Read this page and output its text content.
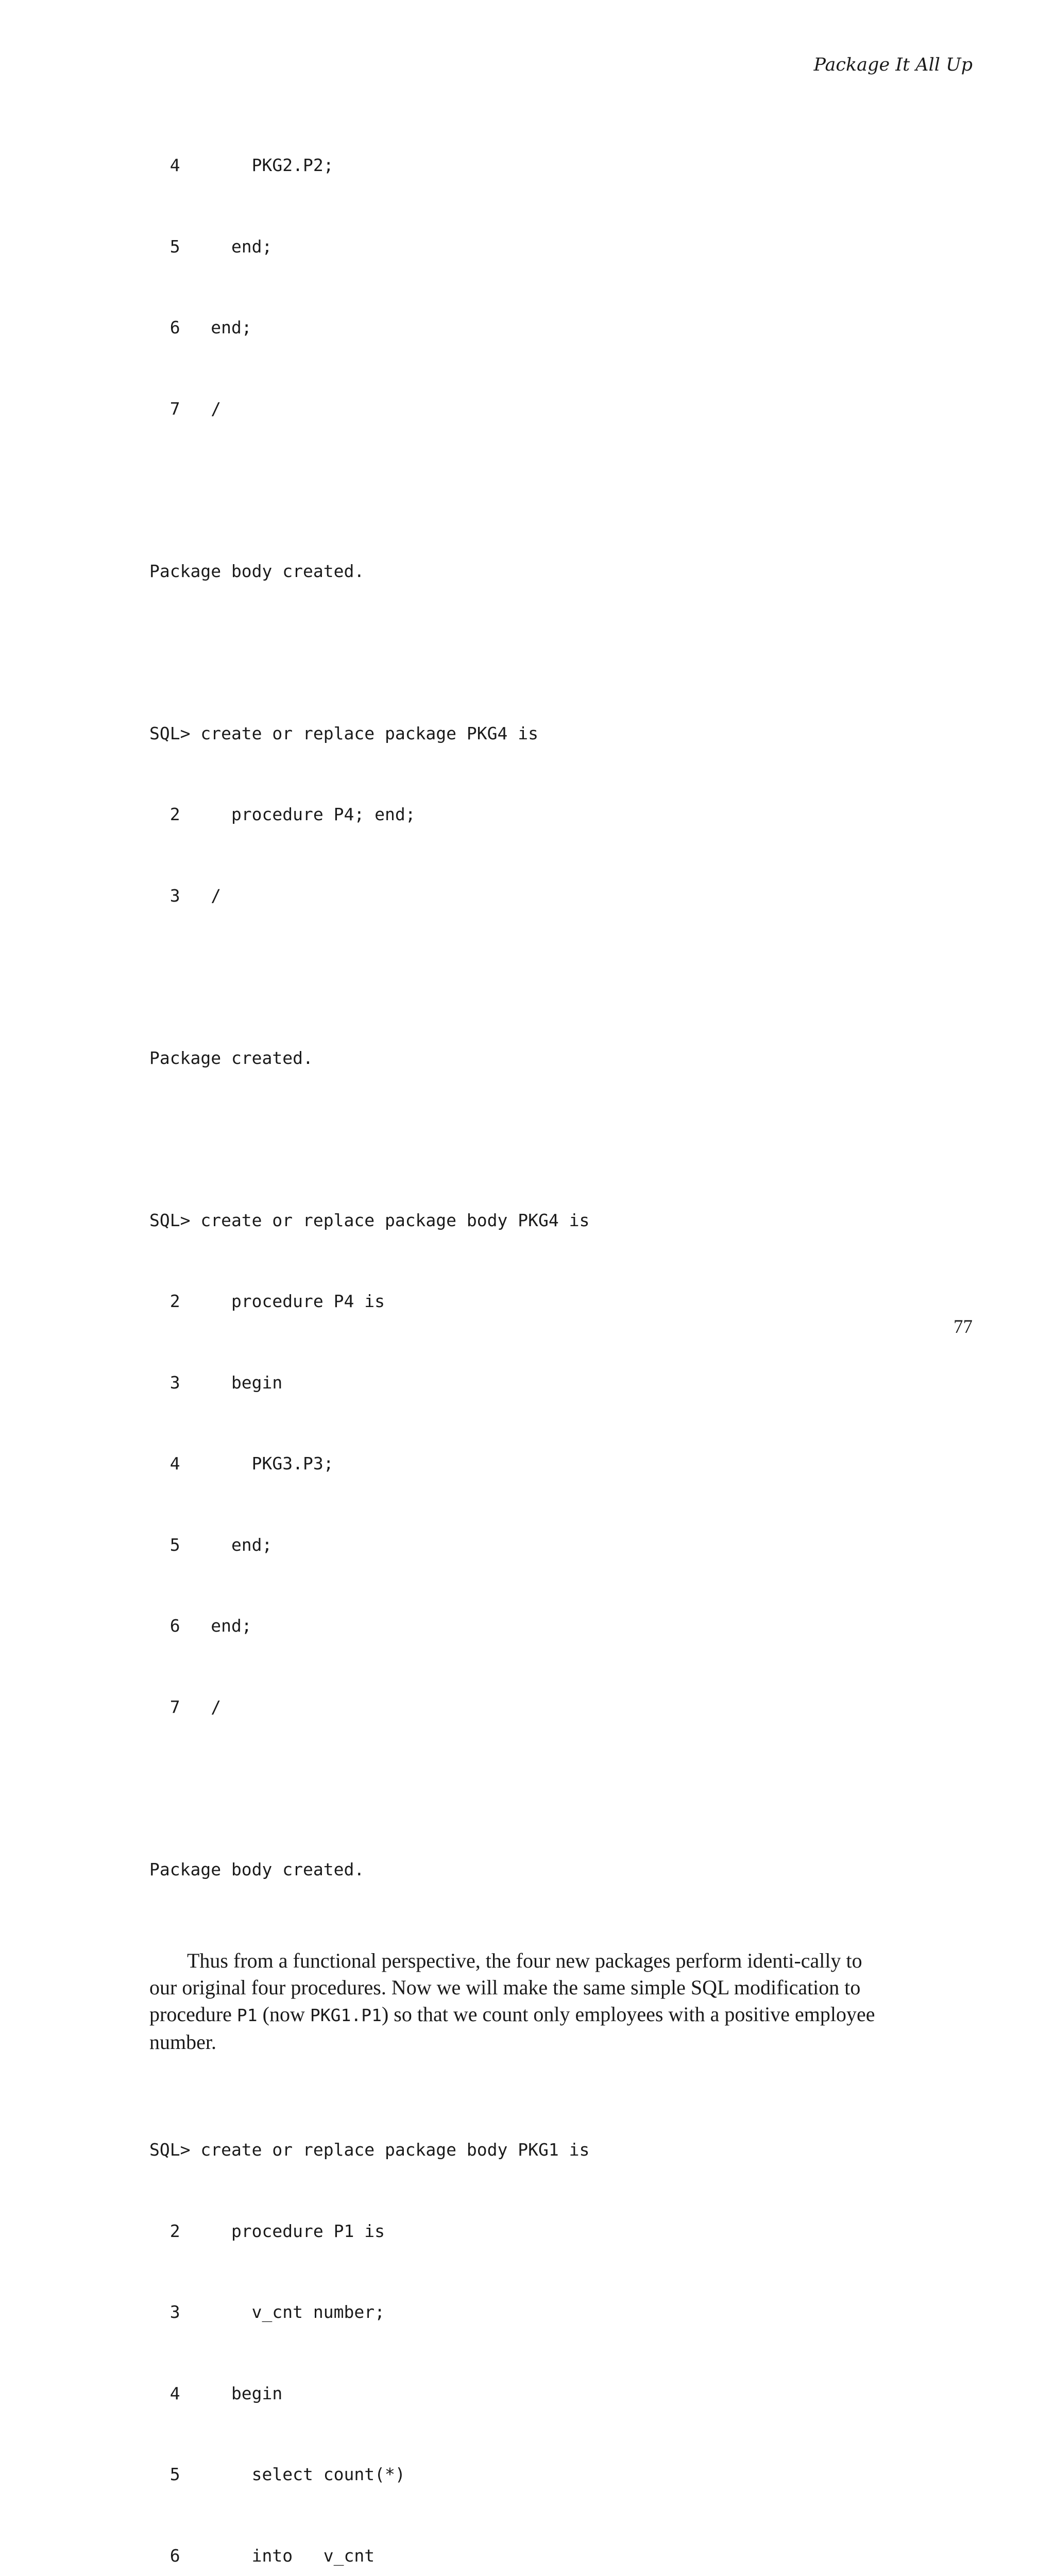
Package It All Up

4       PKG2.P2;

5     end;

6   end;

7   /

Package body created.

SQL> create or replace package PKG4 is

2     procedure P4; end;

3   /

Package created.

SQL> create or replace package body PKG4 is

2     procedure P4 is

3     begin

4       PKG3.P3;

5     end;

6   end;

7   /

Package body created.

Thus from a functional perspective, the four new packages perform identi-cally to our original four procedures. Now we will make the same simple SQL modification to procedure P1 (now PKG1.P1) so that we count only employees with a positive employee number.

SQL> create or replace package body PKG1 is

2     procedure P1 is

3       v_cnt number;

4     begin

5       select count(*)

6       into   v_cnt

77
